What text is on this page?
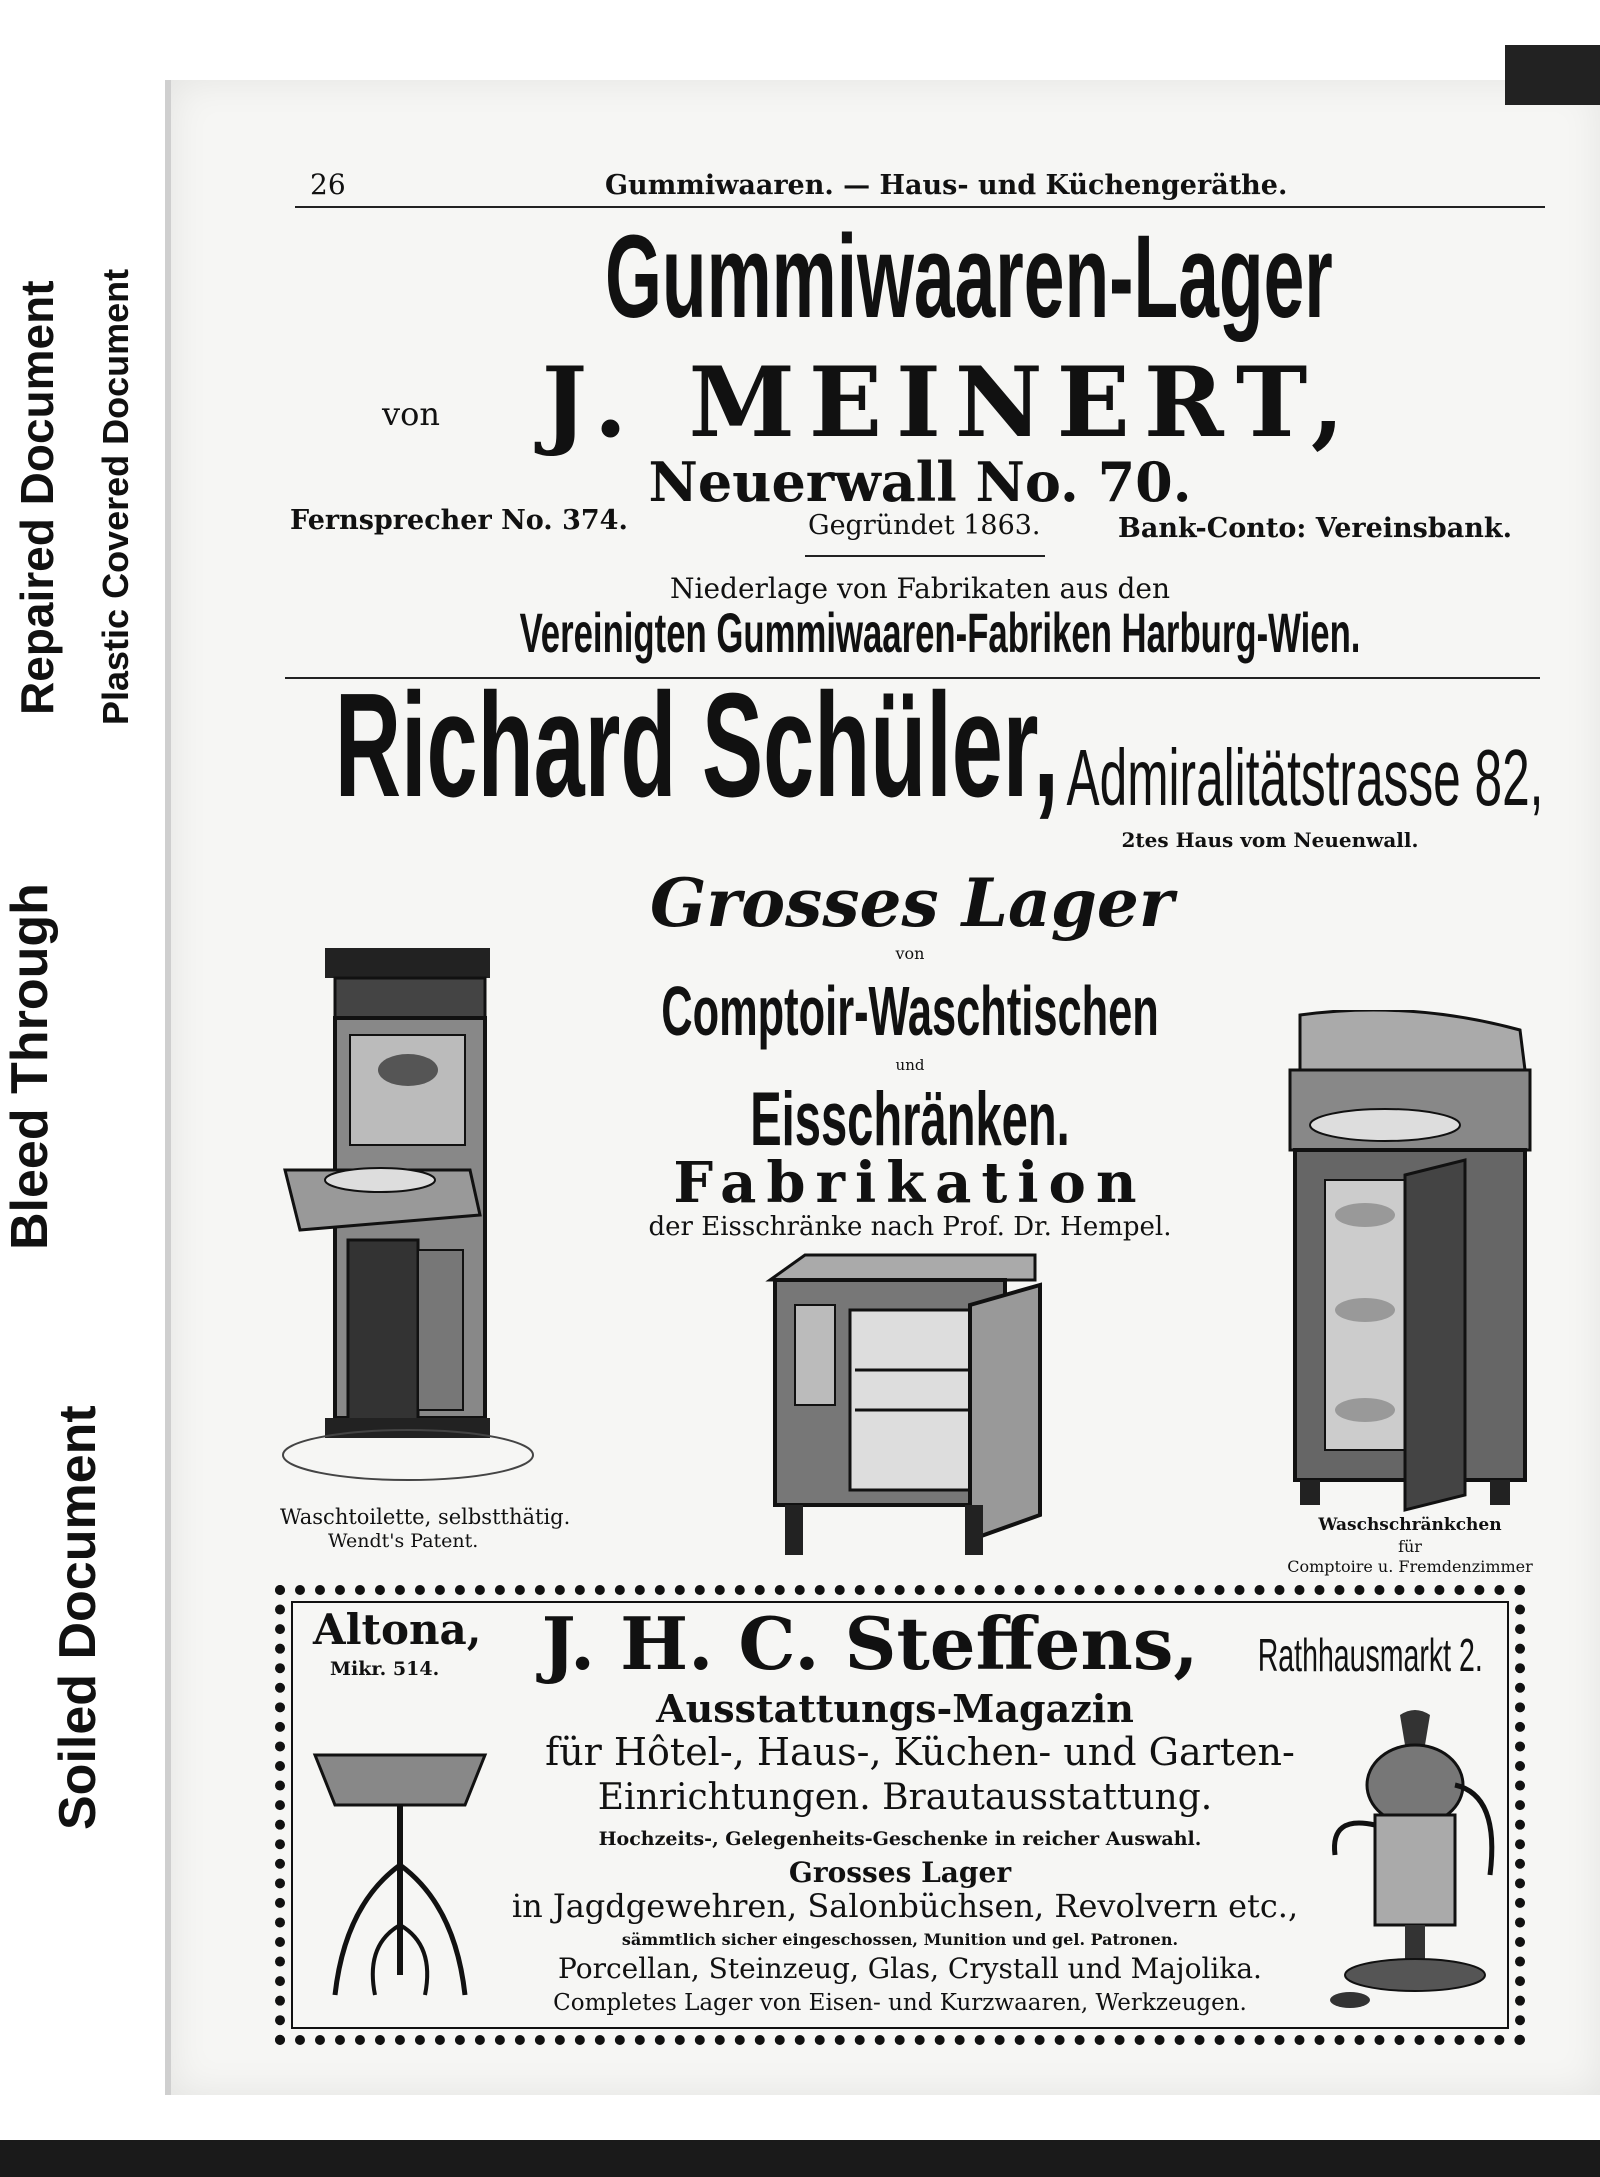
Repaired Document Plastic Covered Document
Bleed Through
Soiled Document
26	Gummiwaaren. — Haus- und Küchengeräthe.
Gummiwaaren-Lager
von	J. MEINERT,
Neuerwall No. 70.
Fernsprecher No. 374.	Gegründet 1863.	Bank-Conto: Vereinsbank.
Niederlage von Fabrikaten aus den
Vereinigten Gummiwaaren-Fabriken Harburg-Wien.
Richard Schüler, Admiralitätstrasse 82,
2tes Haus vom Neuenwall.
Grosses Lager
von
Comptoir-Waschtischen
und
Eisschränken.
Fabrikation
der Eisschränke nach Prof. Dr. Hempel.
Waschtoilette, selbstthätig.
Wendt's Patent.
Waschschränkchen
für
Comptoire u. Fremdenzimmer
Altona,
Mikr. 514.	J. H. C. Steffens,	Rathhausmarkt 2.
Ausstattungs-Magazin
für Hôtel-, Haus-, Küchen- und Garten-
Einrichtungen. Brautausstattung.
Hochzeits-, Gelegenheits-Geschenke in reicher Auswahl.
Grosses Lager
in Jagdgewehren, Salonbüchsen, Revolvern etc.,
sämmtlich sicher eingeschossen, Munition und gel. Patronen.
Porcellan, Steinzeug, Glas, Crystall und Majolika.
Completes Lager von Eisen- und Kurzwaaren, Werkzeugen.
